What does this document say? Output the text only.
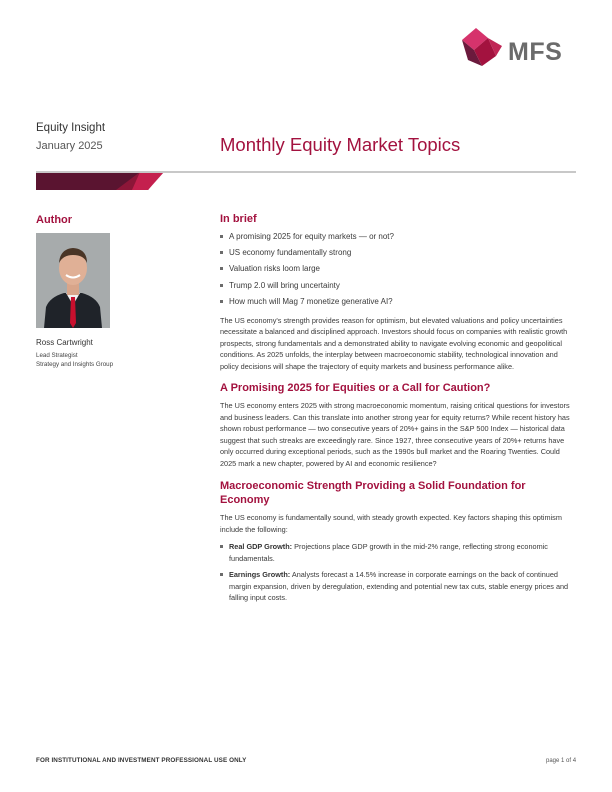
MFS
Equity Insight
January 2025	Monthly Equity Market Topics
Author
Ross Cartwright
Lead Strategist
Strategy and Insights Group
In brief
A promising 2025 for equity markets — or not?
US economy fundamentally strong
Valuation risks loom large
Trump 2.0 will bring uncertainty
How much will Mag 7 monetize generative AI?

The US economy's strength provides reason for optimism, but elevated valuations and policy uncertainties necessitate a balanced and disciplined approach. Investors should focus on companies with realistic growth prospects, strong fundamentals and a demonstrated ability to navigate evolving economic and geopolitical conditions. As 2025 unfolds, the interplay between macroeconomic stability, technological innovation and policy decisions will shape the trajectory of equity markets and business performance alike.

A Promising 2025 for Equities or a Call for Caution?

The US economy enters 2025 with strong macroeconomic momentum, raising critical questions for investors and business leaders. Can this translate into another strong year for equity returns? While recent history has shown robust performance — two consecutive years of 20%+ gains in the S&P 500 Index — historical data suggest that such streaks are exceedingly rare. Since 1927, three consecutive years of 20%+ returns have only occurred during exceptional periods, such as the 1990s bull market and the Roaring Twenties. Could 2025 mark a new chapter, powered by AI and economic resilience?

Macroeconomic Strength Providing a Solid Foundation for Economy

The US economy is fundamentally sound, with steady growth expected. Key factors shaping this optimism include the following:

Real GDP Growth: Projections place GDP growth in the mid-2% range, reflecting strong economic fundamentals.
Earnings Growth: Analysts forecast a 14.5% increase in corporate earnings on the back of continued margin expansion, driven by deregulation, extending and potential new tax cuts, stable energy prices and falling input costs.
FOR INSTITUTIONAL AND INVESTMENT PROFESSIONAL USE ONLY	page 1 of 4
